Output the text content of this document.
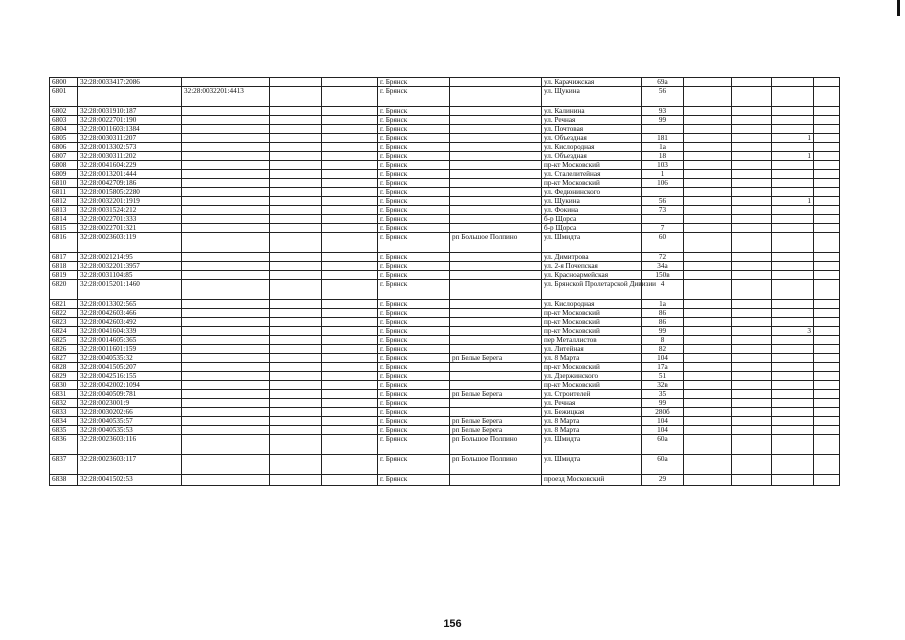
6800	32:28:0033417:2086				г. Брянск		ул. Карачижская	69а				
6801		32:28:0032201:4413			г. Брянск		ул. Щукина	56				
6802	32:28:0031910:187				г. Брянск		ул. Калинина	93				
6803	32:28:0022701:190				г. Брянск		ул. Речная	99				
6804	32:28:0011603:1384				г. Брянск		ул. Почтовая					
6805	32:28:0030311:207				г. Брянск		ул. Объездная	181			1	
6806	32:28:0013302:573				г. Брянск		ул. Кислородная	1а				
6807	32:28:0030311:202				г. Брянск		ул. Объездная	18			1	
6808	32:28:0041604:229				г. Брянск		пр-кт Московский	103				
6809	32:28:0013201:444				г. Брянск		ул. Сталелитейная	1				
6810	32:28:0042709:186				г. Брянск		пр-кт Московский	106				
6811	32:28:0015805:2280				г. Брянск		ул. Федюнинского					
6812	32:28:0032201:1919				г. Брянск		ул. Щукина	56			1	
6813	32:28:0031524:212				г. Брянск		ул. Фокина	73				
6814	32:28:0022701:333				г. Брянск		б-р Щорса					
6815	32:28:0022701:321				г. Брянск		б-р Щорса	7				
6816	32:28:0023603:119				г. Брянск	рп Большое Полпино	ул. Шмидта	60				
6817	32:28:0021214:95				г. Брянск		ул. Димитрова	72				
6818	32:28:0032201:3957				г. Брянск		ул. 2-я Почепская	34а				
6819	32:28:0031104:85				г. Брянск		ул. Красноармейская	150в				
6820	32:28:0015201:1460				г. Брянск		ул. Брянской Пролетарской Дивизии	4				
6821	32:28:0013302:565				г. Брянск		ул. Кислородная	1а				
6822	32:28:0042603:466				г. Брянск		пр-кт Московский	86				
6823	32:28:0042603:492				г. Брянск		пр-кт Московский	86				
6824	32:28:0041604:339				г. Брянск		пр-кт Московский	99			3	
6825	32:28:0014605:365				г. Брянск		пер Металлистов	8				
6826	32:28:0011601:159				г. Брянск		ул. Литейная	82				
6827	32:28:0040535:32				г. Брянск	рп Белые Берега	ул. 8 Марта	104				
6828	32:28:0041505:207				г. Брянск		пр-кт Московский	17а				
6829	32:28:0042516:155				г. Брянск		ул. Дзержинского	51				
6830	32:28:0042002:1094				г. Брянск		пр-кт Московский	32в				
6831	32:28:0040509:781				г. Брянск	рп Белые Берега	ул. Строителей	35				
6832	32:28:0023001:9				г. Брянск		ул. Речная	99				
6833	32:28:0030202:66				г. Брянск		ул. Бежицкая	280б				
6834	32:28:0040535:57				г. Брянск	рп Белые Берега	ул. 8 Марта	104				
6835	32:28:0040535:53				г. Брянск	рп Белые Берега	ул. 8 Марта	104				
6836	32:28:0023603:116				г. Брянск	рп Большое Полпино	ул. Шмидта	60а				
6837	32:28:0023603:117				г. Брянск	рп Большое Полпино	ул. Шмидта	60а				
6838	32:28:0041502:53				г. Брянск		проезд Московский	29				
156
